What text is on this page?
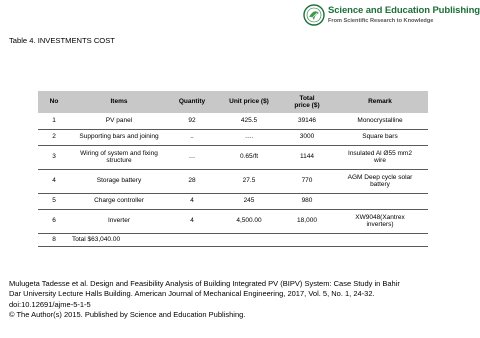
Science and Education Publishing
From Scientific Research to Knowledge
Table 4. INVESTMENTS COST
No	Items	Quantity	Unit price ($)	Total
price ($)	Remark
1	PV panel	92	425.5	39146	Monocrystalline
2	Supporting bars and joining	..	….	3000	Square bars
3	Wiring of system and fixing
structure	…	0.65/ft	1144	Insulated Al Ø55 mm2
wire
4	Storage battery	28	27.5	770	AGM Deep cycle solar
battery
5	Charge controller	4	245	980	
6	Inverter	4	4,500.00	18,000	XW9048(Xantrex
inverters)
8	Total $63,040.00				
Mulugeta Tadesse et al. Design and Feasibility Analysis of Building Integrated PV (BIPV) System: Case Study in Bahir
Dar University Lecture Halls Building. American Journal of Mechanical Engineering, 2017, Vol. 5, No. 1, 24-32.
doi:10.12691/ajme-5-1-5
© The Author(s) 2015. Published by Science and Education Publishing.
